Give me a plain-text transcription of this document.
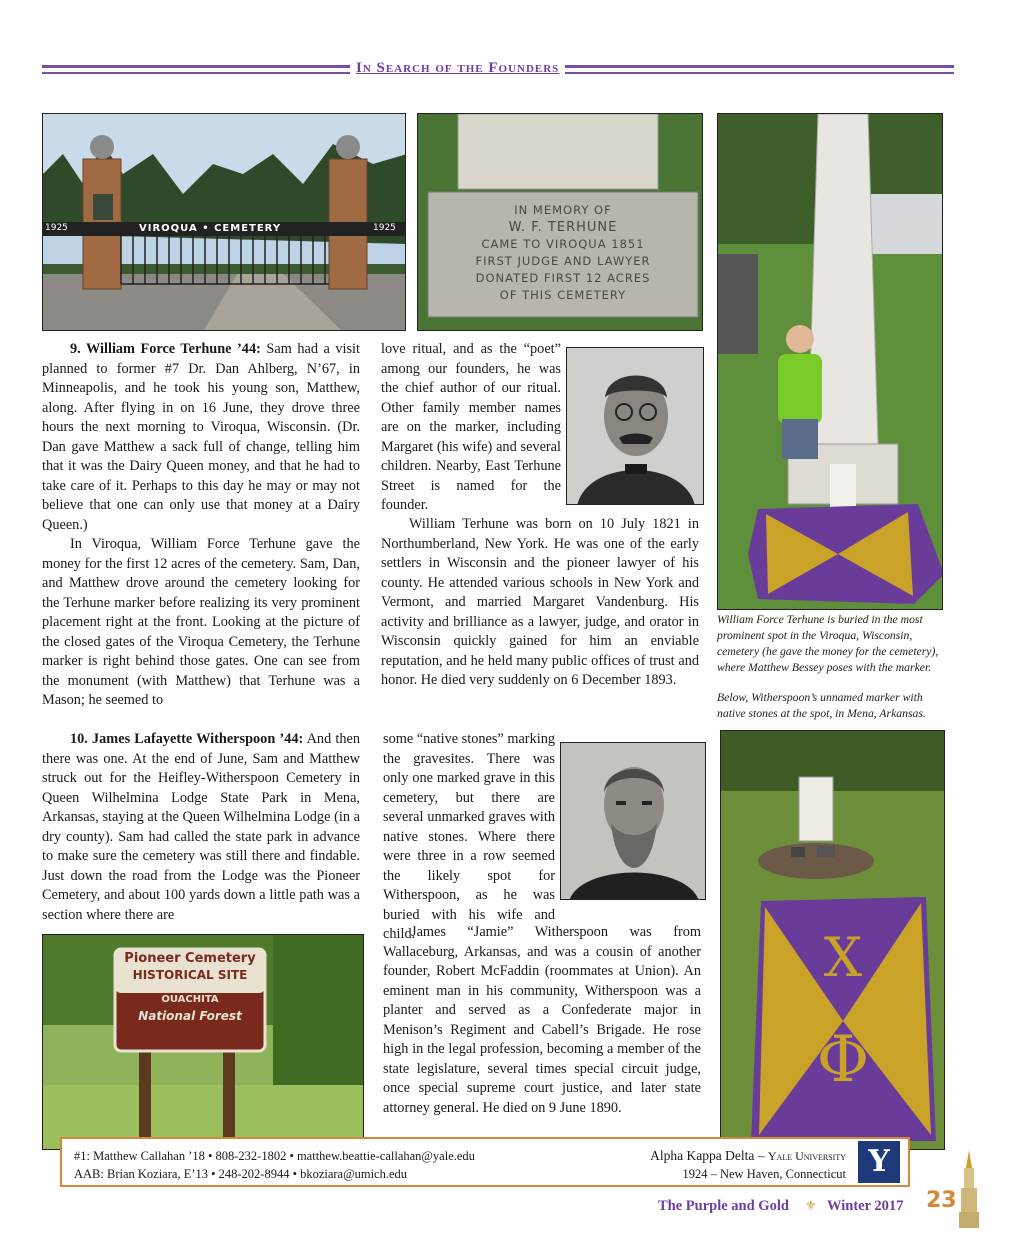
In Search of the Founders
1925	VIROQUA • CEMETERY	1925
IN MEMORY OF
W. F. TERHUNE
CAME TO VIROQUA 1851
FIRST JUDGE AND LAWYER
DONATED FIRST 12 ACRES
OF THIS CEMETERY
William Force Terhune is buried in the most prominent spot in the Viroqua, Wisconsin, cemetery (he gave the money for the cemetery), where Matthew Bessey poses with the marker.
Below, Witherspoon’s unnamed marker with native stones at the spot, in Mena, Arkansas.

9. William Force Terhune ’44: Sam had a visit planned to former #7 Dr. Dan Ahlberg, N’67, in Minneapolis, and he took his young son, Matthew, along. After flying in on 16 June, they drove three hours the next morning to Viroqua, Wisconsin. (Dr. Dan gave Matthew a sack full of change, telling him that it was the Dairy Queen money, and that he had to take care of it. Perhaps to this day he may or may not believe that one can only use that money at a Dairy Queen.)

In Viroqua, William Force Terhune gave the money for the first 12 acres of the cemetery. Sam, Dan, and Matthew drove around the cemetery looking for the Terhune marker before realizing its very prominent placement right at the front. Looking at the picture of the closed gates of the Viroqua Cemetery, the Terhune marker is right behind those gates. One can see from the monument (with Matthew) that Terhune was a Mason; he seemed to

love ritual, and as the “poet” among our founders, he was the chief author of our ritual. Other family member names are on the marker, including Margaret (his wife) and several children. Nearby, East Terhune Street is named for the founder.

William Terhune was born on 10 July 1821 in Northumberland, New York. He was one of the early settlers in Wisconsin and the pioneer lawyer of his county. He attended various schools in New York and Vermont, and married Margaret Vandenburg. His activity and brilliance as a lawyer, judge, and orator in Wisconsin quickly gained for him an enviable reputation, and he held many public offices of trust and honor. He died very suddenly on 6 December 1893.

10. James Lafayette Witherspoon ’44: And then there was one. At the end of June, Sam and Matthew struck out for the Heifley-Witherspoon Cemetery in Queen Wilhelmina Lodge State Park in Mena, Arkansas, staying at the Queen Wilhelmina Lodge (in a dry county). Sam had called the state park in advance to make sure the cemetery was still there and findable. Just down the road from the Lodge was the Pioneer Cemetery, and about 100 yards down a little path was a section where there are

some “native stones” marking the gravesites. There was only one marked grave in this cemetery, but there are several unmarked graves with native stones. Where there were three in a row seemed the likely spot for Witherspoon, as he was buried with his wife and child.

James “Jamie” Witherspoon was from Wallaceburg, Arkansas, and was a cousin of another founder, Robert McFaddin (roommates at Union). An eminent man in his community, Witherspoon was a planter and served as a Confederate major in Menison’s Regiment and Cabell’s Brigade. He rose high in the legal profession, becoming a member of the state legislature, several times special circuit judge, once special supreme court justice, and later state attorney general. He died on 9 June 1890.

Pioneer Cemetery
HISTORICAL SITE
OUACHITA
National Forest
X
Φ
#1: Matthew Callahan ’18 • 808-232-1802 • matthew.beattie-callahan@yale.edu
AAB: Brian Koziara, E’13 • 248-202-8944 • bkoziara@umich.edu
Alpha Kappa Delta – Yale University
1924 – New Haven, Connecticut Y
The Purple and Gold ⚜ Winter 2017 23
